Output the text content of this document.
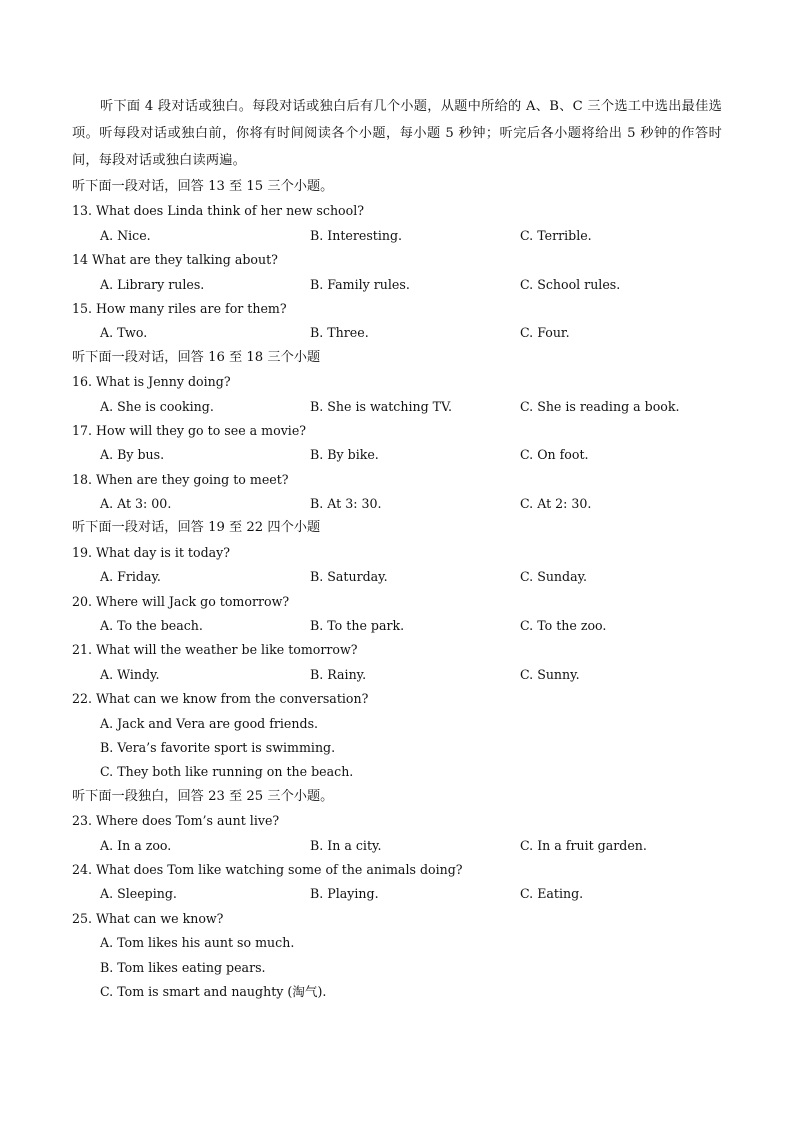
听下面 4 段对话或独白。每段对话或独白后有几个小题，从题中所给的 A、B、C 三个选工中选出最佳选项。听每段对话或独白前，你将有时间阅读各个小题，每小题 5 秒钟；听完后各小题将给出 5 秒钟的作答时间，每段对话或独白读两遍。
听下面一段对话，回答 13 至 15 三个小题。
13. What does Linda think of her new school?
A. Nice.	B. Interesting.	C. Terrible.
14 What are they talking about?
A. Library rules.	B. Family rules.	C. School rules.
15. How many riles are for them?
A. Two.	B. Three.	C. Four.
听下面一段对话，回答 16 至 18 三个小题
16. What is Jenny doing?
A. She is cooking.	B. She is watching TV.	C. She is reading a book.
17. How will they go to see a movie?
A. By bus.	B. By bike.	C. On foot.
18. When are they going to meet?
A. At 3: 00.	B. At 3: 30.	C. At 2: 30.
听下面一段对话，回答 19 至 22 四个小题
19. What day is it today?
A. Friday.	B. Saturday.	C. Sunday.
20. Where will Jack go tomorrow?
A. To the beach.	B. To the park.	C. To the zoo.
21. What will the weather be like tomorrow?
A. Windy.	B. Rainy.	C. Sunny.
22. What can we know from the conversation?
A. Jack and Vera are good friends.
B. Vera’s favorite sport is swimming.
C. They both like running on the beach.
听下面一段独白，回答 23 至 25 三个小题。
23. Where does Tom’s aunt live?
A. In a zoo.	B. In a city.	C. In a fruit garden.
24. What does Tom like watching some of the animals doing?
A. Sleeping.	B. Playing.	C. Eating.
25. What can we know?
A. Tom likes his aunt so much.
B. Tom likes eating pears.
C. Tom is smart and naughty (淘气).
